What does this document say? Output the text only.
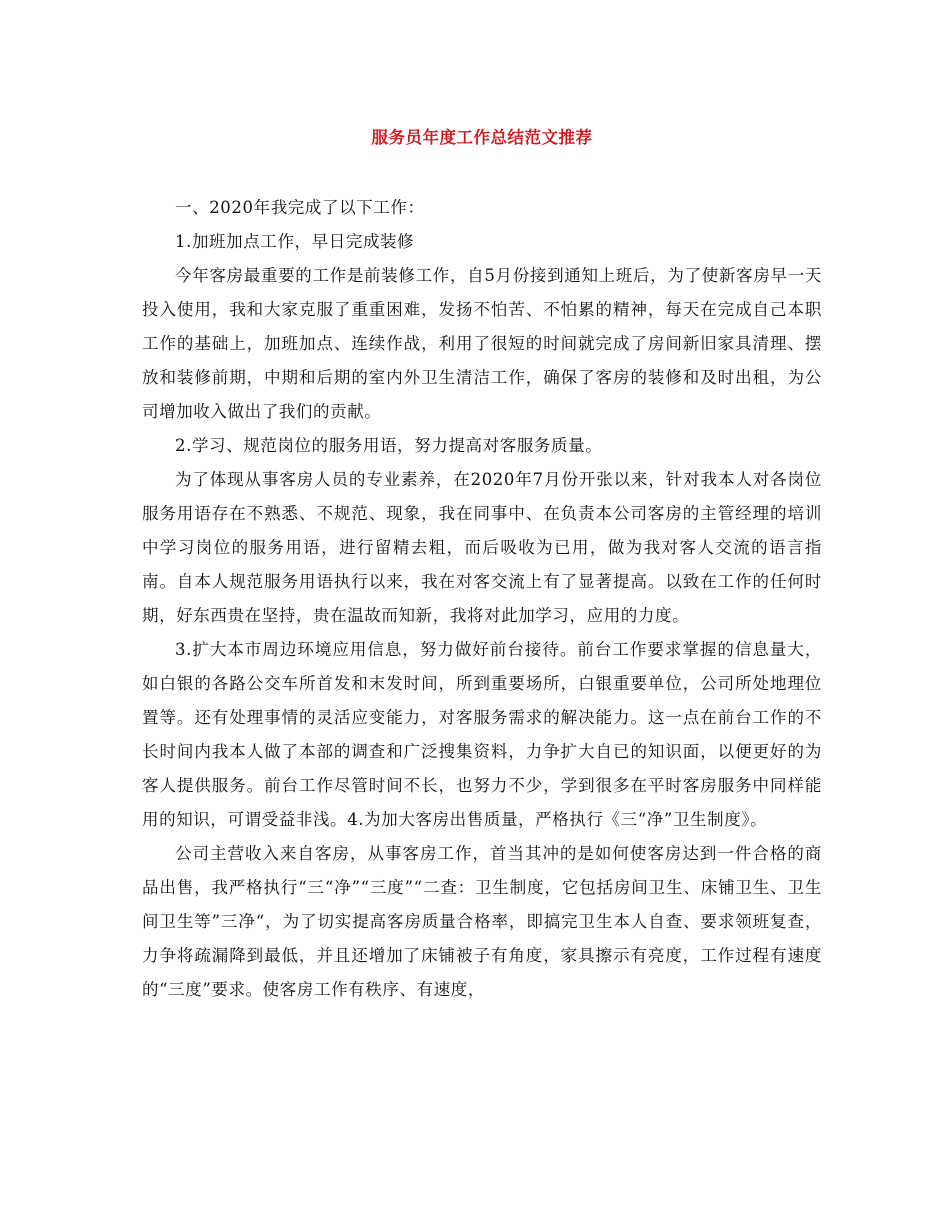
服务员年度工作总结范文推荐

一、2020年我完成了以下工作：

1.加班加点工作，早日完成装修

今年客房最重要的工作是前装修工作，自5月份接到通知上班后，为了使新客房早一天投入使用，我和大家克服了重重困难，发扬不怕苦、不怕累的精神，每天在完成自己本职工作的基础上，加班加点、连续作战，利用了很短的时间就完成了房间新旧家具清理、摆放和装修前期，中期和后期的室内外卫生清洁工作，确保了客房的装修和及时出租，为公司增加收入做出了我们的贡献。

2.学习、规范岗位的服务用语，努力提高对客服务质量。

为了体现从事客房人员的专业素养，在2020年7月份开张以来，针对我本人对各岗位服务用语存在不熟悉、不规范、现象，我在同事中、在负责本公司客房的主管经理的培训中学习岗位的服务用语，进行留精去粗，而后吸收为已用，做为我对客人交流的语言指南。自本人规范服务用语执行以来，我在对客交流上有了显著提高。以致在工作的任何时期，好东西贵在坚持，贵在温故而知新，我将对此加学习，应用的力度。

3.扩大本市周边环境应用信息，努力做好前台接待。前台工作要求掌握的信息量大，如白银的各路公交车所首发和末发时间，所到重要场所，白银重要单位，公司所处地理位置等。还有处理事情的灵活应变能力，对客服务需求的解决能力。这一点在前台工作的不长时间内我本人做了本部的调查和广泛搜集资料，力争扩大自已的知识面，以便更好的为客人提供服务。前台工作尽管时间不长，也努力不少，学到很多在平时客房服务中同样能用的知识，可谓受益非浅。4.为加大客房出售质量，严格执行《三“净”卫生制度》。

公司主营收入来自客房，从事客房工作，首当其冲的是如何使客房达到一件合格的商品出售，我严格执行“三“净”“三度”“二查：卫生制度，它包括房间卫生、床铺卫生、卫生间卫生等”三净“，为了切实提高客房质量合格率，即搞完卫生本人自查、要求领班复查，力争将疏漏降到最低，并且还增加了床铺被子有角度，家具擦示有亮度，工作过程有速度的“三度”要求。使客房工作有秩序、有速度，
